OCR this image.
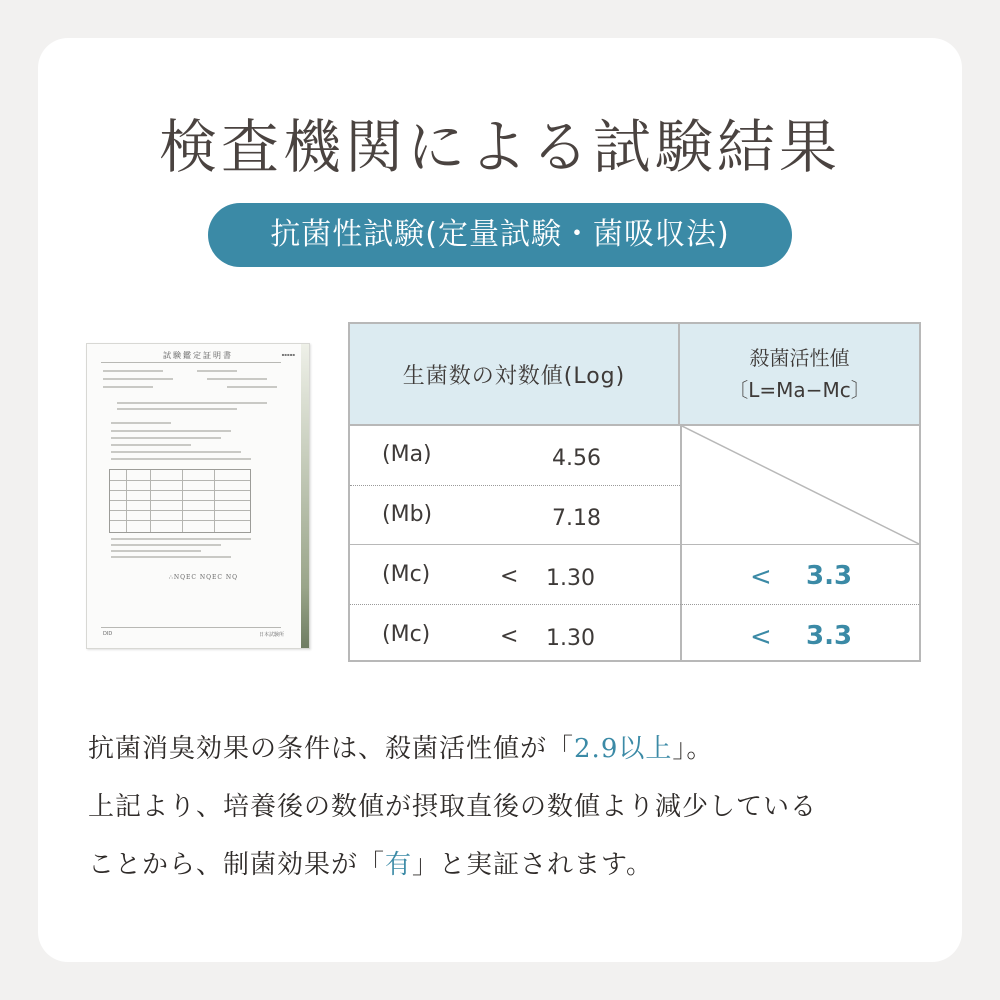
検査機関による試験結果
抗菌性試験(定量試験・菌吸収法)
試験鑑定証明書	▪▪▪▪▪
∴NQEC NQEC NQ
DID	日本試験所
生菌数の対数値(Log)
殺菌活性値
〔L=Ma−Mc〕
(Ma)	4.56
(Mb)	7.18
(Mc)	< 1.30	< 3.3
(Mc)	< 1.30	< 3.3
抗菌消臭効果の条件は、殺菌活性値が「2.9以上」。
上記より、培養後の数値が摂取直後の数値より減少している
ことから、制菌効果が「有」と実証されます。
